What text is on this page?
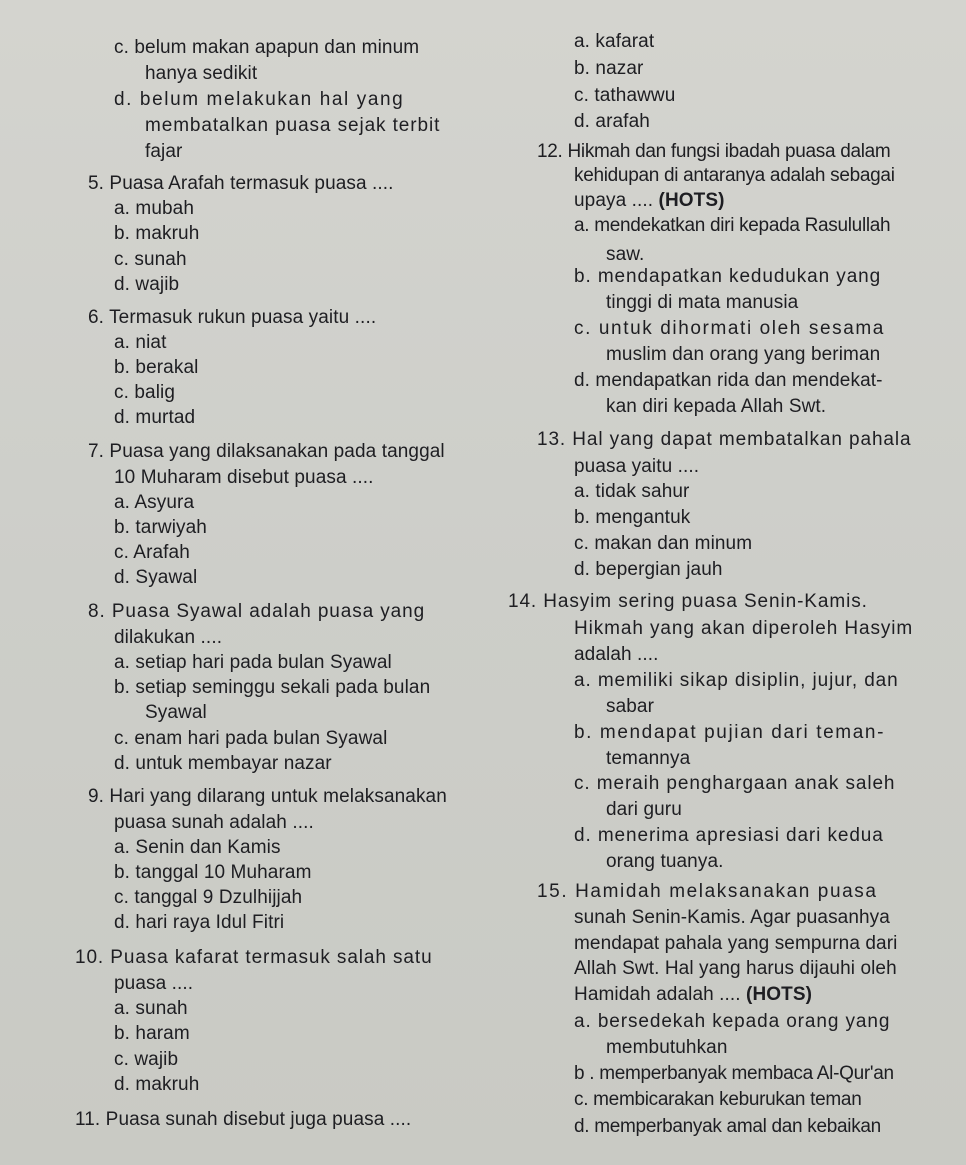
c. belum makan apapun dan minum
hanya sedikit
d. belum melakukan hal yang
membatalkan puasa sejak terbit
fajar
5. Puasa Arafah termasuk puasa ....
a. mubah
b. makruh
c. sunah
d. wajib
6. Termasuk rukun puasa yaitu ....
a. niat
b. berakal
c. balig
d. murtad
7. Puasa yang dilaksanakan pada tanggal
10 Muharam disebut puasa ....
a. Asyura
b. tarwiyah
c. Arafah
d. Syawal
8. Puasa Syawal adalah puasa yang
dilakukan ....
a. setiap hari pada bulan Syawal
b. setiap seminggu sekali pada bulan
Syawal
c. enam hari pada bulan Syawal
d. untuk membayar nazar
9. Hari yang dilarang untuk melaksanakan
puasa sunah adalah ....
a. Senin dan Kamis
b. tanggal 10 Muharam
c. tanggal 9 Dzulhijjah
d. hari raya Idul Fitri
10. Puasa kafarat termasuk salah satu
puasa ....
a. sunah
b. haram
c. wajib
d. makruh
11. Puasa sunah disebut juga puasa ....
a. kafarat
b. nazar
c. tathawwu
d. arafah
12. Hikmah dan fungsi ibadah puasa dalam
kehidupan di antaranya adalah sebagai
upaya .... (HOTS)
a. mendekatkan diri kepada Rasulullah
saw.
b. mendapatkan kedudukan yang
tinggi di mata manusia
c. untuk dihormati oleh sesama
muslim dan orang yang beriman
d. mendapatkan rida dan mendekat-
kan diri kepada Allah Swt.
13. Hal yang dapat membatalkan pahala
puasa yaitu ....
a. tidak sahur
b. mengantuk
c. makan dan minum
d. bepergian jauh
14. Hasyim sering puasa Senin-Kamis.
Hikmah yang akan diperoleh Hasyim
adalah ....
a. memiliki sikap disiplin, jujur, dan
sabar
b. mendapat pujian dari teman-
temannya
c. meraih penghargaan anak saleh
dari guru
d. menerima apresiasi dari kedua
orang tuanya.
15. Hamidah melaksanakan puasa
sunah Senin-Kamis. Agar puasanhya
mendapat pahala yang sempurna dari
Allah Swt. Hal yang harus dijauhi oleh
Hamidah adalah .... (HOTS)
a. bersedekah kepada orang yang
membutuhkan
b . memperbanyak membaca Al-Qur'an
c. membicarakan keburukan teman
d. memperbanyak amal dan kebaikan
